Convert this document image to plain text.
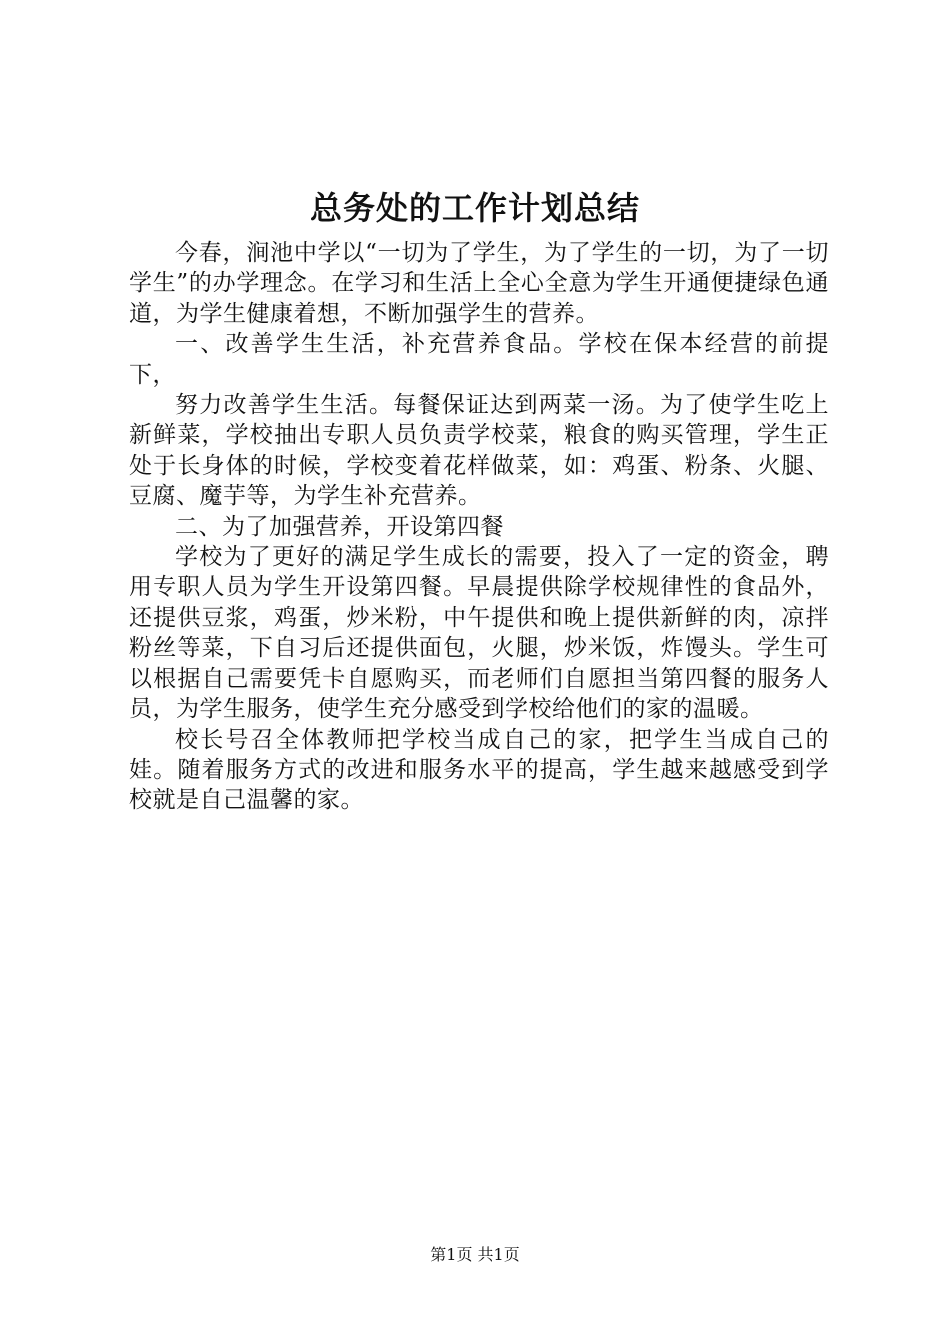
总务处的工作计划总结

今春，涧池中学以“一切为了学生，为了学生的一切，为了一切学生”的办学理念。在学习和生活上全心全意为学生开通便捷绿色通道，为学生健康着想，不断加强学生的营养。

一、改善学生生活，补充营养食品。学校在保本经营的前提下，

努力改善学生生活。每餐保证达到两菜一汤。为了使学生吃上新鲜菜，学校抽出专职人员负责学校菜，粮食的购买管理，学生正处于长身体的时候，学校变着花样做菜，如：鸡蛋、粉条、火腿、豆腐、魔芋等，为学生补充营养。

二、为了加强营养，开设第四餐

学校为了更好的满足学生成长的需要，投入了一定的资金，聘用专职人员为学生开设第四餐。早晨提供除学校规律性的食品外，还提供豆浆，鸡蛋，炒米粉，中午提供和晚上提供新鲜的肉，凉拌粉丝等菜，下自习后还提供面包，火腿，炒米饭，炸馒头。学生可以根据自己需要凭卡自愿购买，而老师们自愿担当第四餐的服务人员，为学生服务，使学生充分感受到学校给他们的家的温暖。

校长号召全体教师把学校当成自己的家，把学生当成自己的娃。随着服务方式的改进和服务水平的提高，学生越来越感受到学校就是自己温馨的家。

第1页 共1页
